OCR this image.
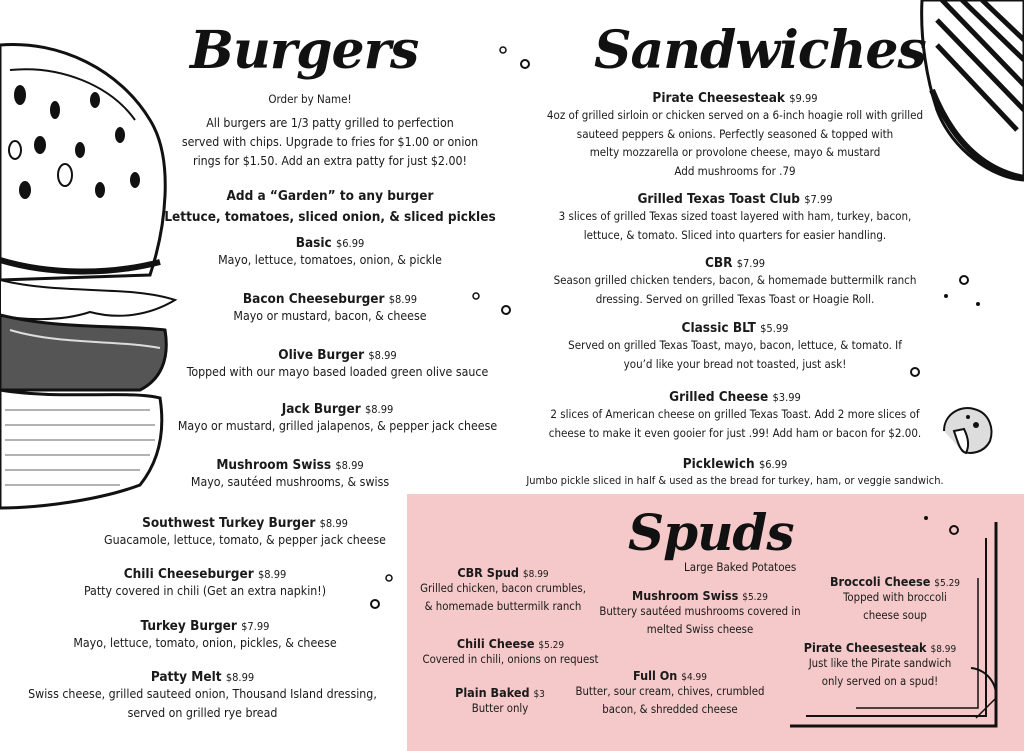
Burgers
Order by Name!
All burgers are 1/3 patty grilled to perfection
served with chips. Upgrade to fries for $1.00 or onion
rings for $1.50. Add an extra patty for just $2.00!
Add a “Garden” to any burger
Lettuce, tomatoes, sliced onion, & sliced pickles
Basic $6.99
Mayo, lettuce, tomatoes, onion, & pickle
Bacon Cheeseburger $8.99
Mayo or mustard, bacon, & cheese
Olive Burger $8.99
Topped with our mayo based loaded green olive sauce
Jack Burger $8.99
Mayo or mustard, grilled jalapenos, & pepper jack cheese
Mushroom Swiss $8.99
Mayo, sautéed mushrooms, & swiss
Southwest Turkey Burger $8.99
Guacamole, lettuce, tomato, & pepper jack cheese
Chili Cheeseburger $8.99
Patty covered in chili (Get an extra napkin!)
Turkey Burger $7.99
Mayo, lettuce, tomato, onion, pickles, & cheese
Patty Melt $8.99
Swiss cheese, grilled sauteed onion, Thousand Island dressing,
served on grilled rye bread
Sandwiches
Pirate Cheesesteak $9.99
4oz of grilled sirloin or chicken served on a 6-inch hoagie roll with grilled
sauteed peppers & onions. Perfectly seasoned & topped with
melty mozzarella or provolone cheese, mayo & mustard
Add mushrooms for .79
Grilled Texas Toast Club $7.99
3 slices of grilled Texas sized toast layered with ham, turkey, bacon,
lettuce, & tomato. Sliced into quarters for easier handling.
CBR $7.99
Season grilled chicken tenders, bacon, & homemade buttermilk ranch
dressing. Served on grilled Texas Toast or Hoagie Roll.
Classic BLT $5.99
Served on grilled Texas Toast, mayo, bacon, lettuce, & tomato. If
you’d like your bread not toasted, just ask!
Grilled Cheese $3.99
2 slices of American cheese on grilled Texas Toast. Add 2 more slices of
cheese to make it even gooier for just .99! Add ham or bacon for $2.00.
Picklewich $6.99
Jumbo pickle sliced in half & used as the bread for turkey, ham, or veggie sandwich.
Spuds
Large Baked Potatoes
CBR Spud $8.99
Grilled chicken, bacon crumbles,
& homemade buttermilk ranch
Chili Cheese $5.29
Covered in chili, onions on request
Plain Baked $3
Butter only
Mushroom Swiss $5.29
Buttery sautéed mushrooms covered in
melted Swiss cheese
Full On $4.99
Butter, sour cream, chives, crumbled
bacon, & shredded cheese
Broccoli Cheese $5.29
Topped with broccoli
cheese soup
Pirate Cheesesteak $8.99
Just like the Pirate sandwich
only served on a spud!
